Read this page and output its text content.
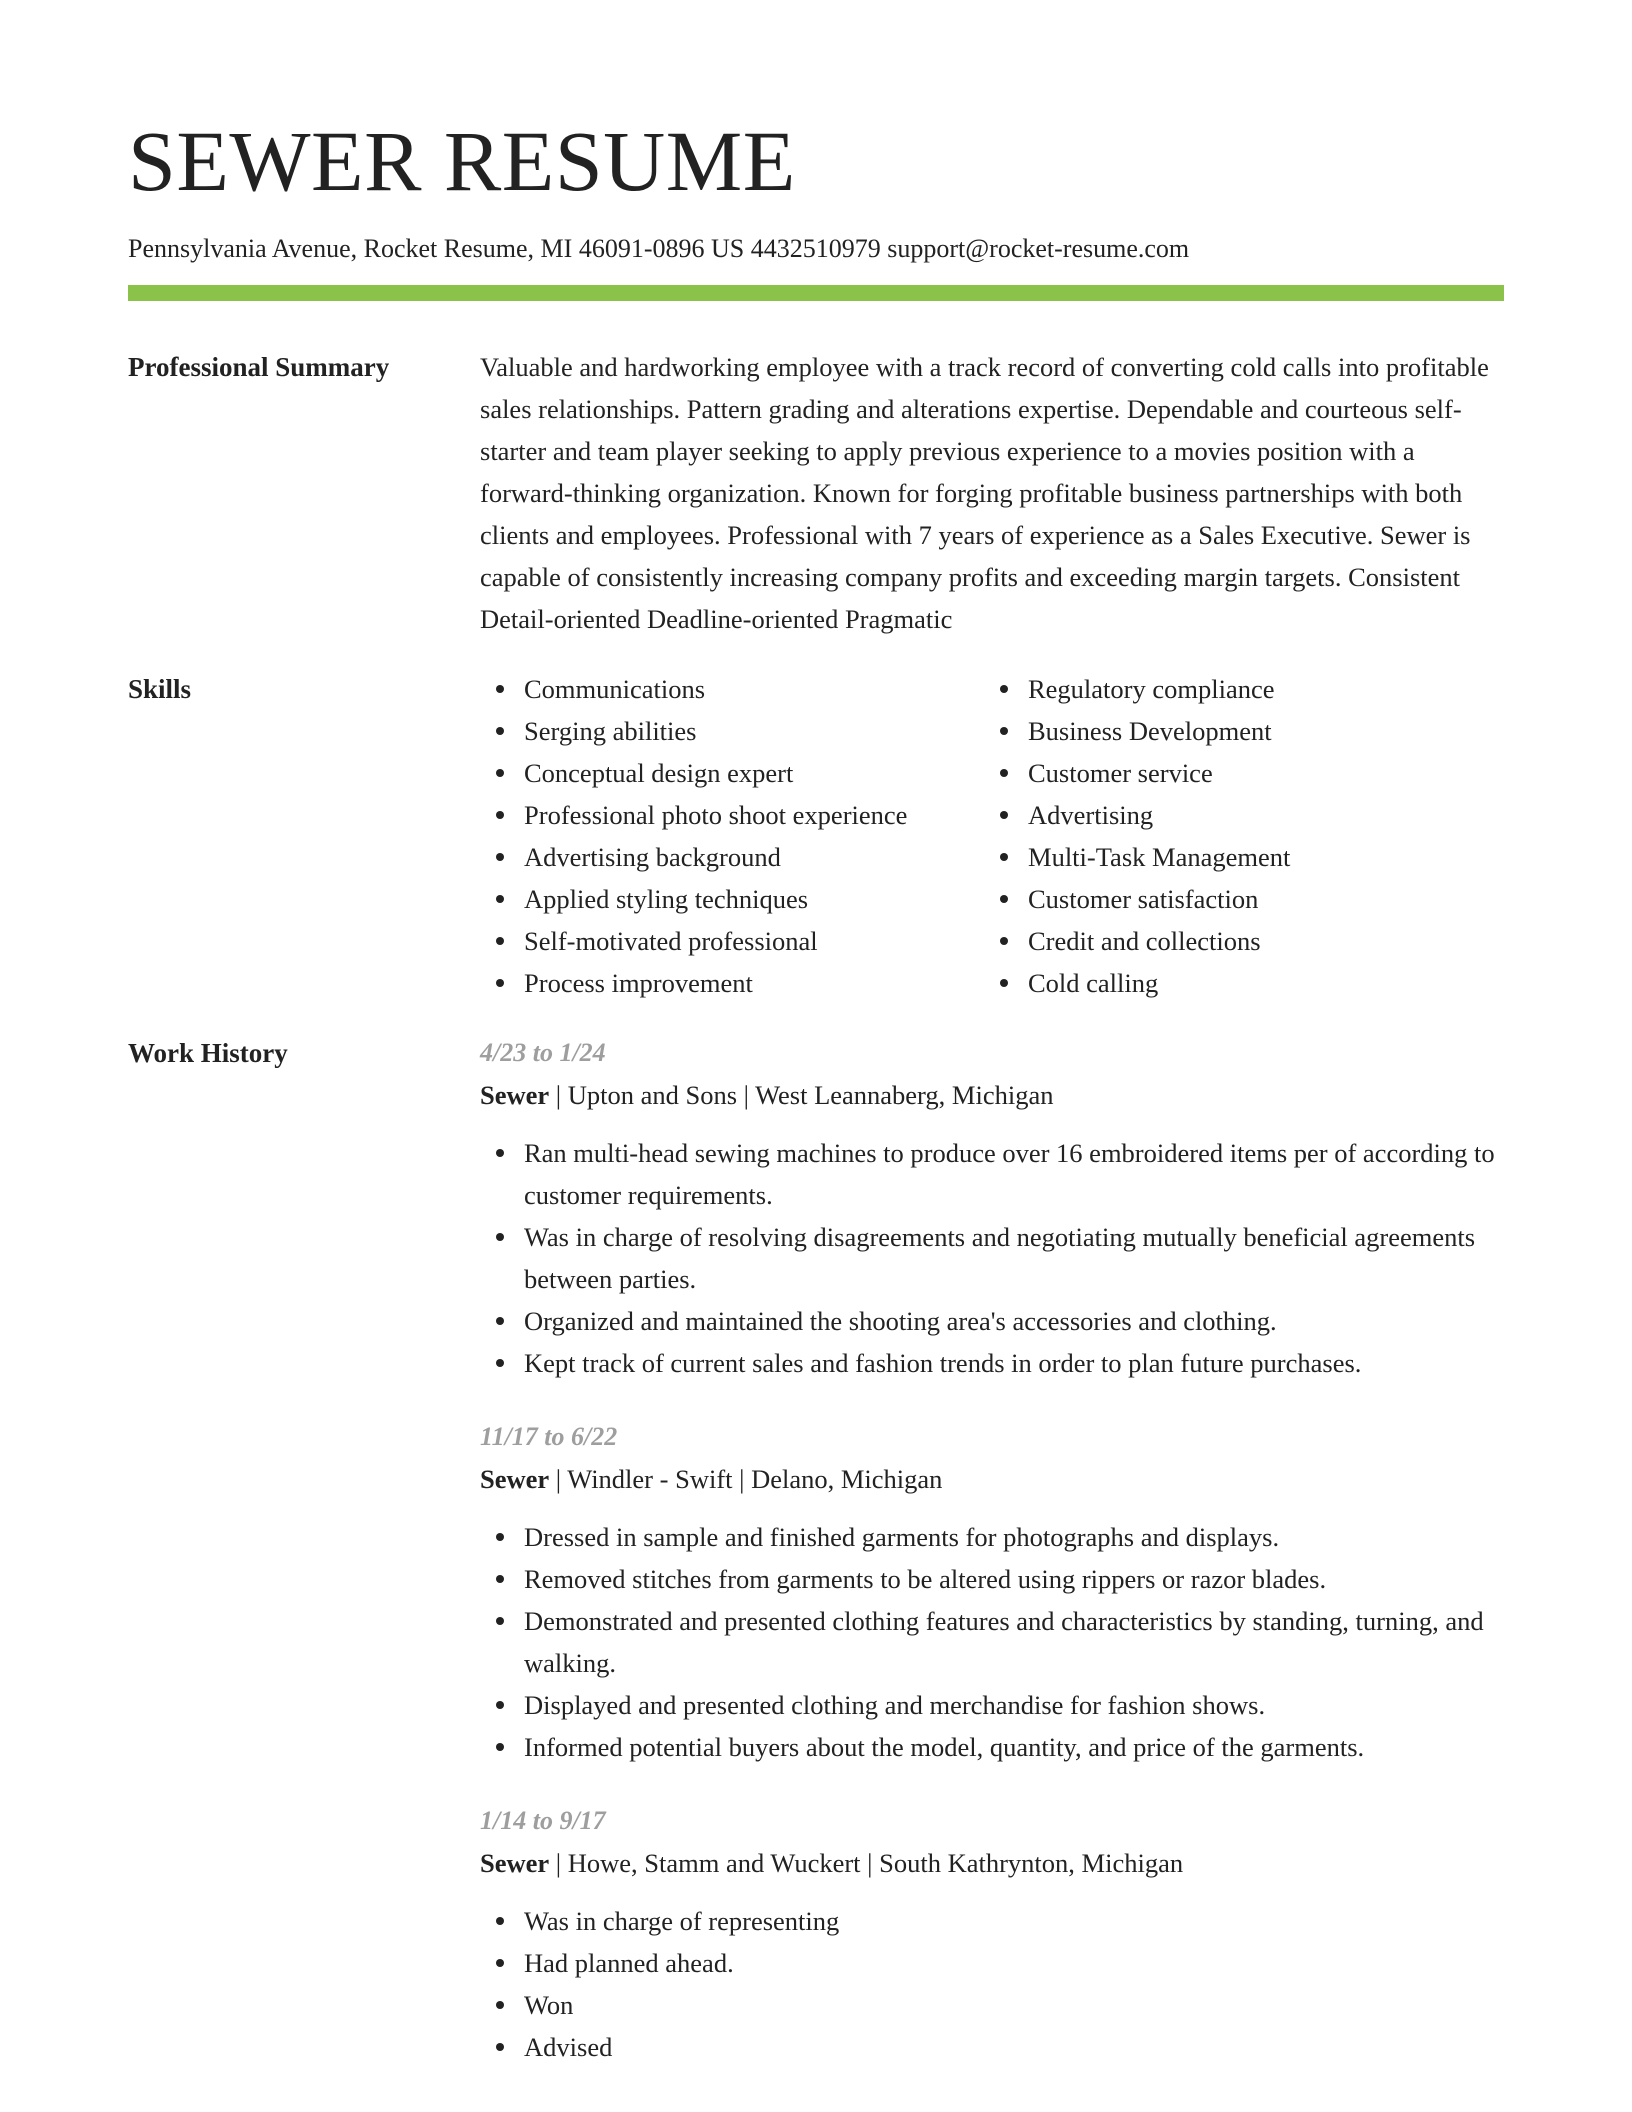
SEWER RESUME
Pennsylvania Avenue, Rocket Resume, MI 46091-0896 US 4432510979 support@rocket-resume.com
Professional Summary	Valuable and hardworking employee with a track record of converting cold calls into profitable sales relationships. Pattern grading and alterations expertise. Dependable and courteous self-starter and team player seeking to apply previous experience to a movies position with a forward-thinking organization. Known for forging profitable business partnerships with both clients and employees. Professional with 7 years of experience as a Sales Executive. Sewer is capable of consistently increasing company profits and exceeding margin targets. Consistent Detail-oriented Deadline-oriented Pragmatic

Skills	Communications
Serging abilities
Conceptual design expert
Professional photo shoot experience
Advertising background
Applied styling techniques
Self-motivated professional
Process improvement
Regulatory compliance
Business Development
Customer service
Advertising
Multi-Task Management
Customer satisfaction
Credit and collections
Cold calling
Work History	4/23 to 1/24
Sewer | Upton and Sons | West Leannaberg, Michigan
Ran multi-head sewing machines to produce over 16 embroidered items per of according to customer requirements.
Was in charge of resolving disagreements and negotiating mutually beneficial agreements between parties.
Organized and maintained the shooting area's accessories and clothing.
Kept track of current sales and fashion trends in order to plan future purchases.
11/17 to 6/22
Sewer | Windler - Swift | Delano, Michigan
Dressed in sample and finished garments for photographs and displays.
Removed stitches from garments to be altered using rippers or razor blades.
Demonstrated and presented clothing features and characteristics by standing, turning, and walking.
Displayed and presented clothing and merchandise for fashion shows.
Informed potential buyers about the model, quantity, and price of the garments.
1/14 to 9/17
Sewer | Howe, Stamm and Wuckert | South Kathrynton, Michigan
Was in charge of representing
Had planned ahead.
Won
Advised
